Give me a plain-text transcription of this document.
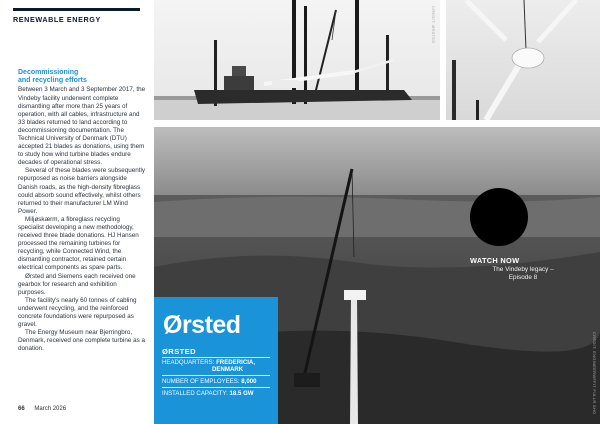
RENEWABLE ENERGY
Decommissioning
and recycling efforts

Between 3 March and 3 September 2017, the Vindeby facility underwent complete dismantling after more than 25 years of operation, with all cables, infrastructure and 33 blades returned to land according to decommissioning documentation. The Technical University of Denmark (DTU) accepted 21 blades as donations, using them to study how wind turbine blades endure decades of operational stress.

Several of these blades were subsequently repurposed as noise barriers alongside Danish roads, as the high-density fibreglass could absorb sound effectively, whilst others returned to their manufacturer LM Wind Power.

Miljøskærm, a fibreglass recycling specialist developing a new methodology, received three blade donations. HJ Hansen processed the remaining turbines for recycling, while Connected Wind, the dismantling contractor, retained certain electrical components as spare parts.

Ørsted and Siemens each received one gearbox for research and exhibition purposes.

The facility's nearly 60 tonnes of cabling underwent recycling, and the reinforced concrete foundations were repurposed as gravel.

The Energy Museum near Bjerringbro, Denmark, received one complete turbine as a donation.

66 March 2026
CREDIT: ØRSTED
CREDIT: ENGINEERWFFIT FULLR SHO
WATCH NOW
The Vindeby legacy –
Episode 8
Ørsted
ØRSTED
HEADQUARTERS: FREDERICIA,
DENMARK
NUMBER OF EMPLOYEES: 8,000
INSTALLED CAPACITY: 18.5 GW
